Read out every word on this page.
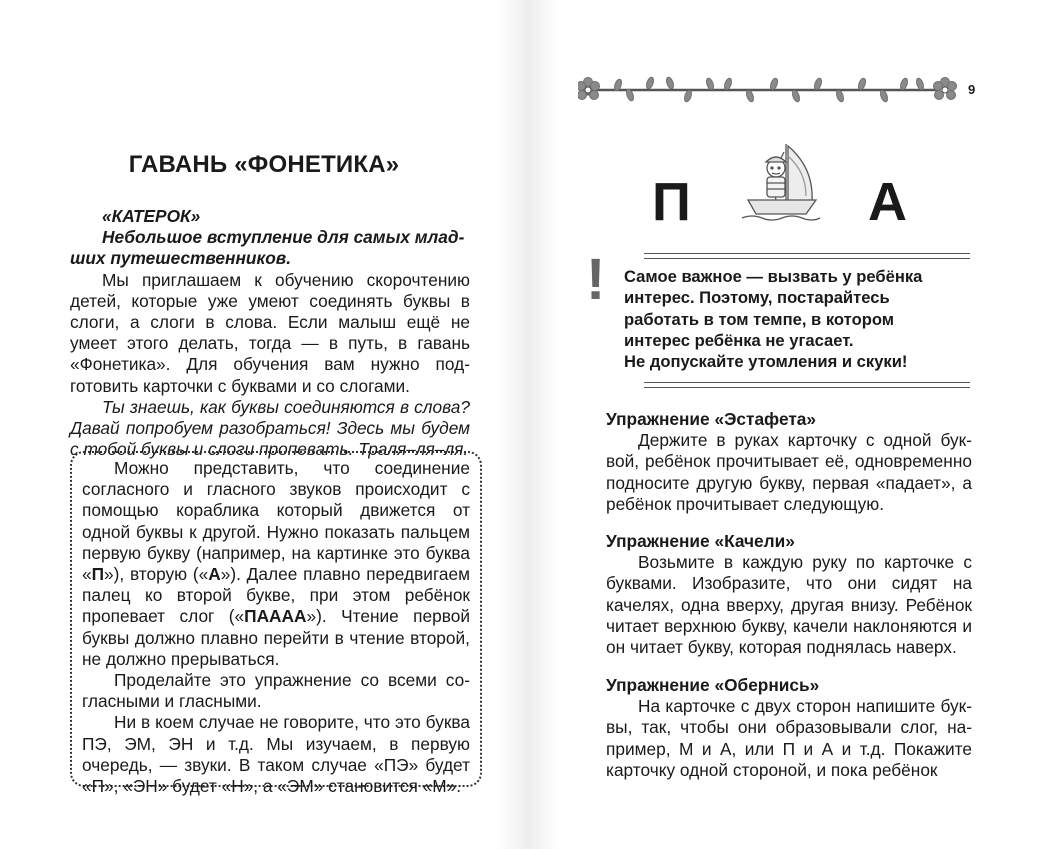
ГАВАНЬ «ФОНЕТИКА»

«КАТЕРОК»

Небольшое вступление для самых младших путешественников.

Мы приглашаем к обучению скорочтению детей, которые уже умеют соединять буквы в слоги, а слоги в слова. Если малыш ещё не умеет этого делать, тогда — в путь, в гавань «Фонетика». Для обучения вам нужно подготовить карточки с буквами и со слогами.

Ты знаешь, как буквы соединяются в слова? Давай попробуем разобраться! Здесь мы будем с тобой буквы и слоги пропевать. Траля–ля–ля.

Можно представить, что соединение согласного и гласного звуков происходит с помощью кораблика который движется от одной буквы к другой. Нужно показать пальцем первую букву (например, на картинке это буква «П»), вторую («А»). Далее плавно передвигаем палец ко второй букве, при этом ребёнок пропевает слог («ПАААА»). Чтение первой буквы должно плавно перейти в чтение второй, не должно прерываться.

Проделайте это упражнение со всеми согласными и гласными.

Ни в коем случае не говорите, что это буква ПЭ, ЭМ, ЭН и т.д. Мы изучаем, в первую очередь, — звуки. В таком случае «ПЭ» будет «П», «ЭН» будет «Н», а «ЭМ» становится «М».

9
П	А
! Самое важное — вызвать у ребёнка

интерес. Поэтому, постарайтесь

работать в том темпе, в котором

интерес ребёнка не угасает.

Не допускайте утомления и скуки!

Упражнение «Эстафета»

Держите в руках карточку с одной буквой, ребёнок прочитывает её, одновременно подносите другую букву, первая «падает», а ребёнок прочитывает следующую.

Упражнение «Качели»

Возьмите в каждую руку по карточке с буквами. Изобразите, что они сидят на качелях, одна вверху, другая внизу. Ребёнок читает верхнюю букву, качели наклоняются и он читает букву, которая поднялась наверх.

Упражнение «Обернись»

На карточке с двух сторон напишите буквы, так, чтобы они образовывали слог, например, М и А, или П и А и т.д. Покажите карточку одной стороной, и пока ребёнок
